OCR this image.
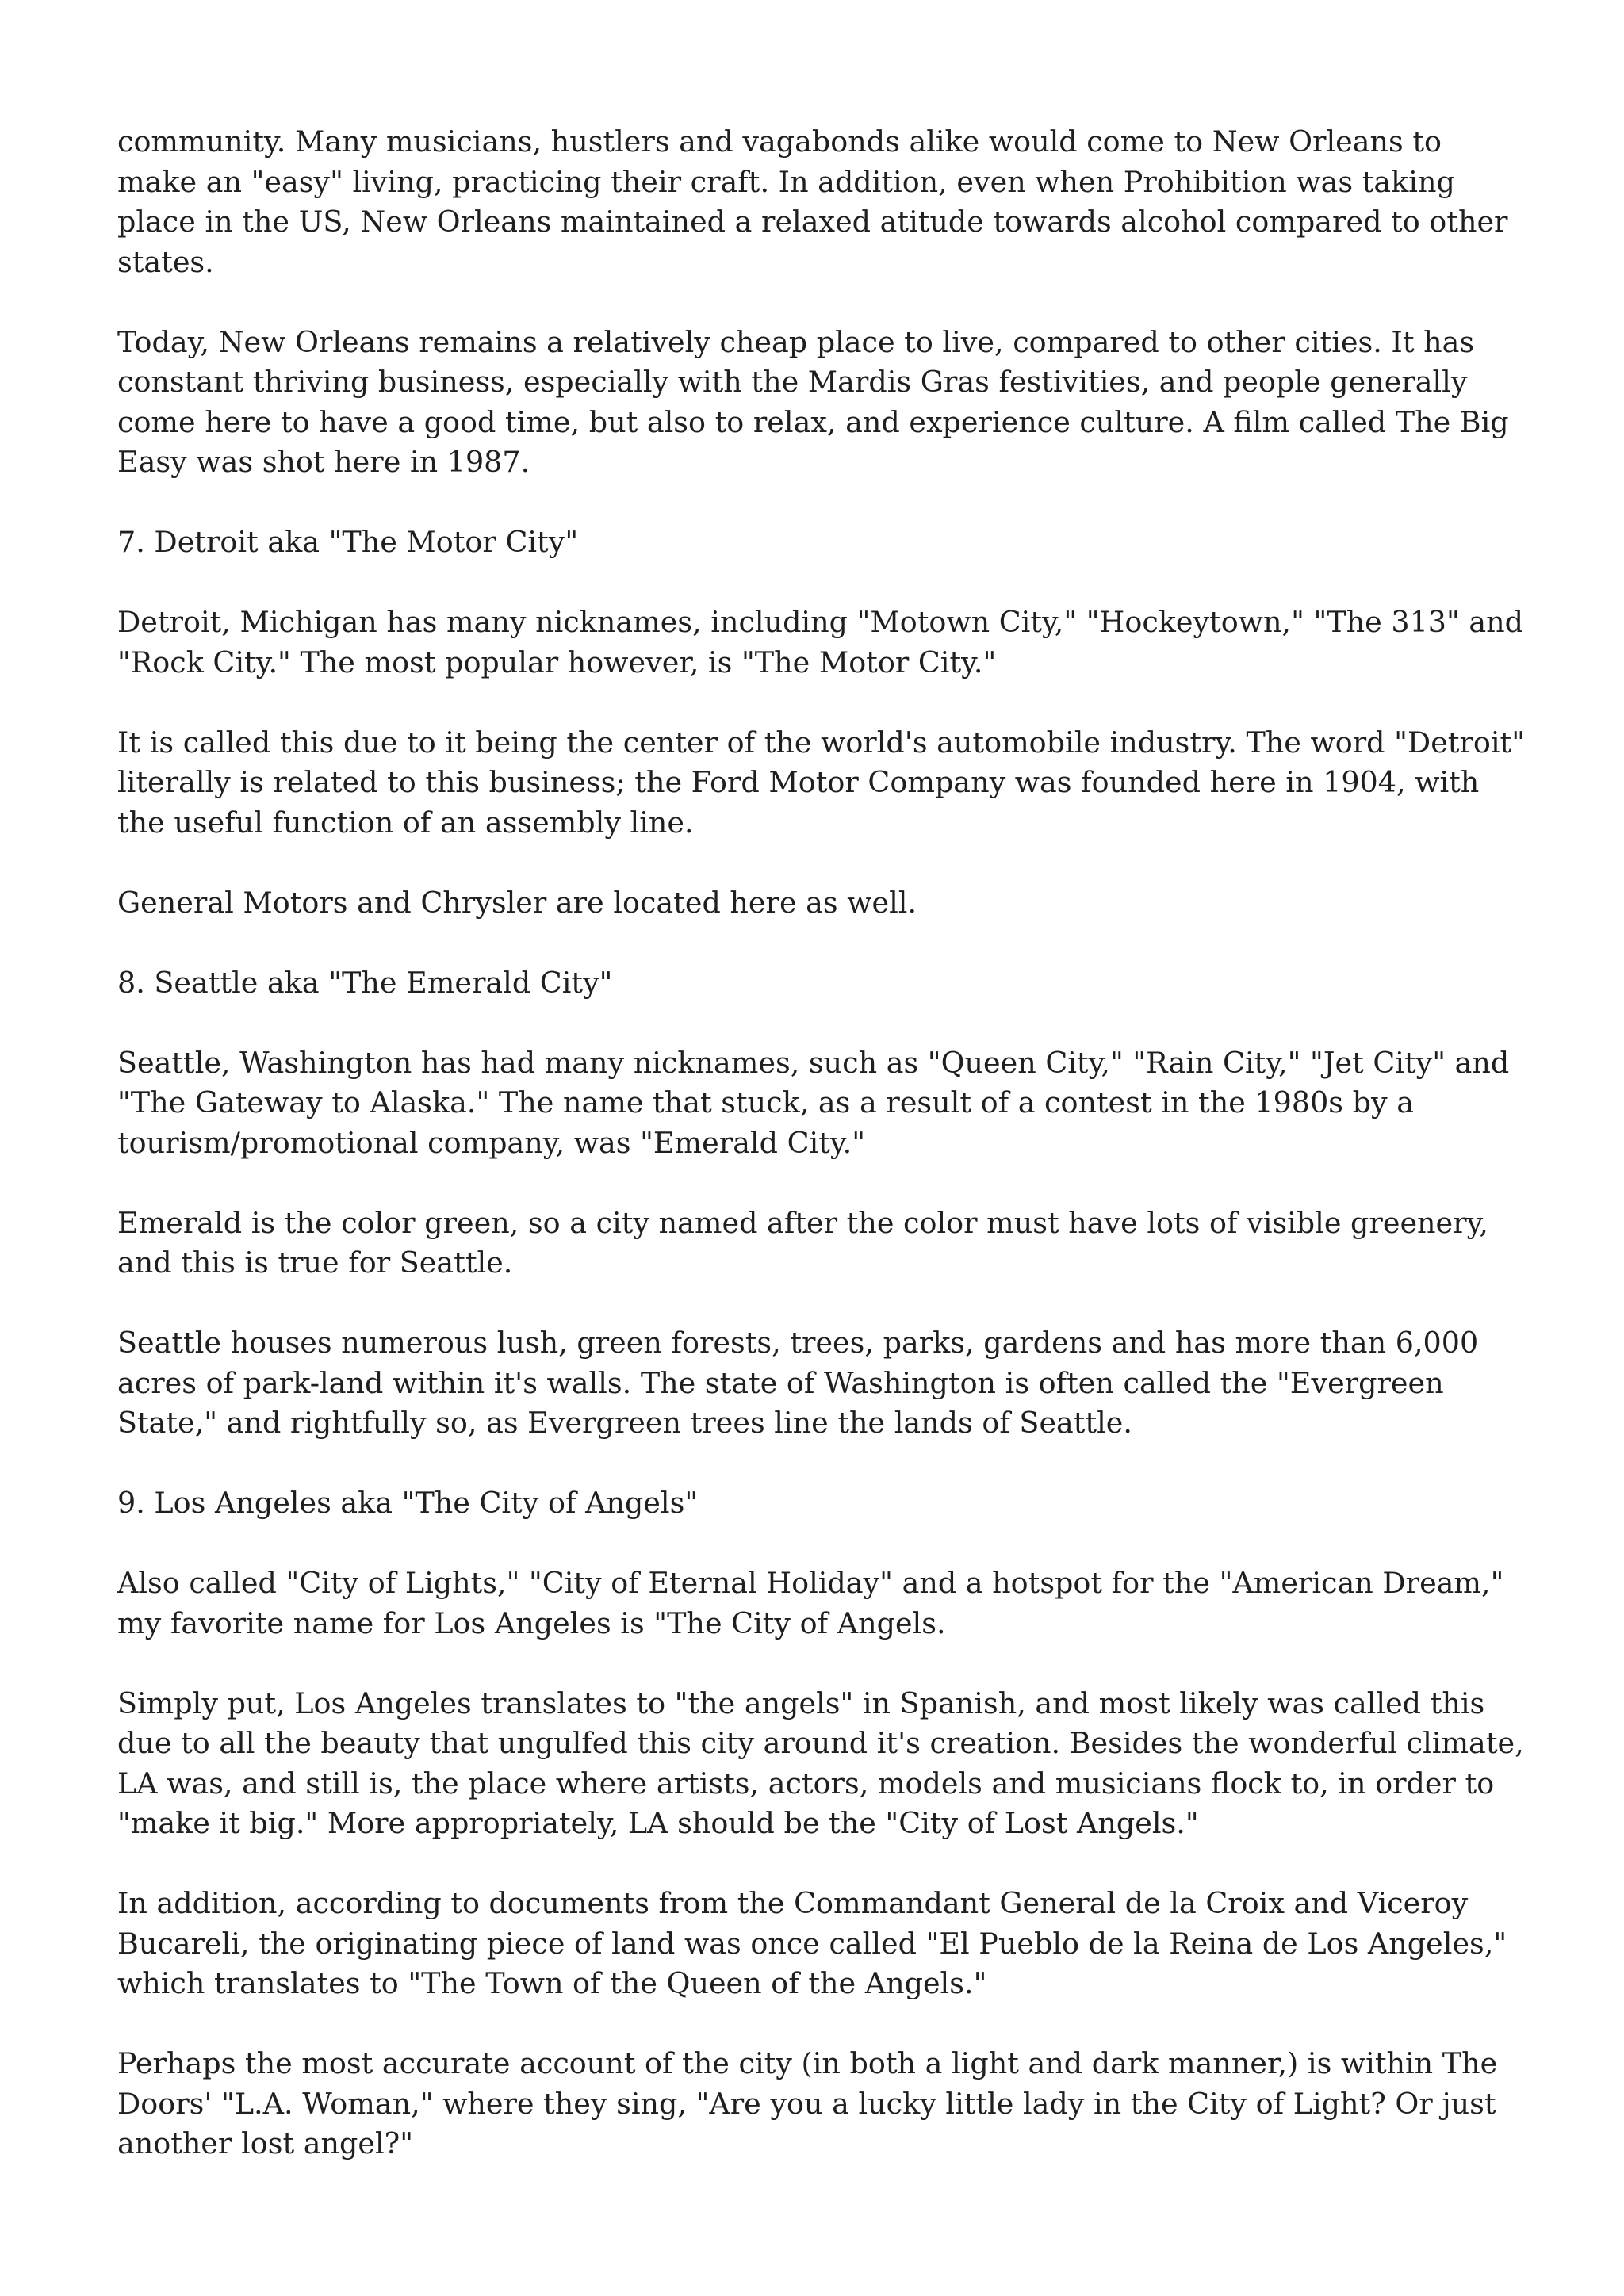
community. Many musicians, hustlers and vagabonds alike would come to New Orleans to make an "easy" living, practicing their craft. In addition, even when Prohibition was taking place in the US, New Orleans maintained a relaxed atitude towards alcohol compared to other states.

Today, New Orleans remains a relatively cheap place to live, compared to other cities. It has constant thriving business, especially with the Mardis Gras festivities, and people generally come here to have a good time, but also to relax, and experience culture. A film called The Big Easy was shot here in 1987.

7. Detroit aka "The Motor City"

Detroit, Michigan has many nicknames, including "Motown City," "Hockeytown," "The 313" and "Rock City." The most popular however, is "The Motor City."

It is called this due to it being the center of the world's automobile industry. The word "Detroit" literally is related to this business; the Ford Motor Company was founded here in 1904, with the useful function of an assembly line.

General Motors and Chrysler are located here as well.

8. Seattle aka "The Emerald City"

Seattle, Washington has had many nicknames, such as "Queen City," "Rain City," "Jet City" and "The Gateway to Alaska." The name that stuck, as a result of a contest in the 1980s by a tourism/promotional company, was "Emerald City."

Emerald is the color green, so a city named after the color must have lots of visible greenery, and this is true for Seattle.

Seattle houses numerous lush, green forests, trees, parks, gardens and has more than 6,000 acres of park-land within it's walls. The state of Washington is often called the "Evergreen State," and rightfully so, as Evergreen trees line the lands of Seattle.

9. Los Angeles aka "The City of Angels"

Also called "City of Lights," "City of Eternal Holiday" and a hotspot for the "American Dream," my favorite name for Los Angeles is "The City of Angels.

Simply put, Los Angeles translates to "the angels" in Spanish, and most likely was called this due to all the beauty that ungulfed this city around it's creation. Besides the wonderful climate, LA was, and still is, the place where artists, actors, models and musicians flock to, in order to "make it big." More appropriately, LA should be the "City of Lost Angels."

In addition, according to documents from the Commandant General de la Croix and Viceroy Bucareli, the originating piece of land was once called "El Pueblo de la Reina de Los Angeles," which translates to "The Town of the Queen of the Angels."

Perhaps the most accurate account of the city (in both a light and dark manner,) is within The Doors' "L.A. Woman," where they sing, "Are you a lucky little lady in the City of Light? Or just another lost angel?"
